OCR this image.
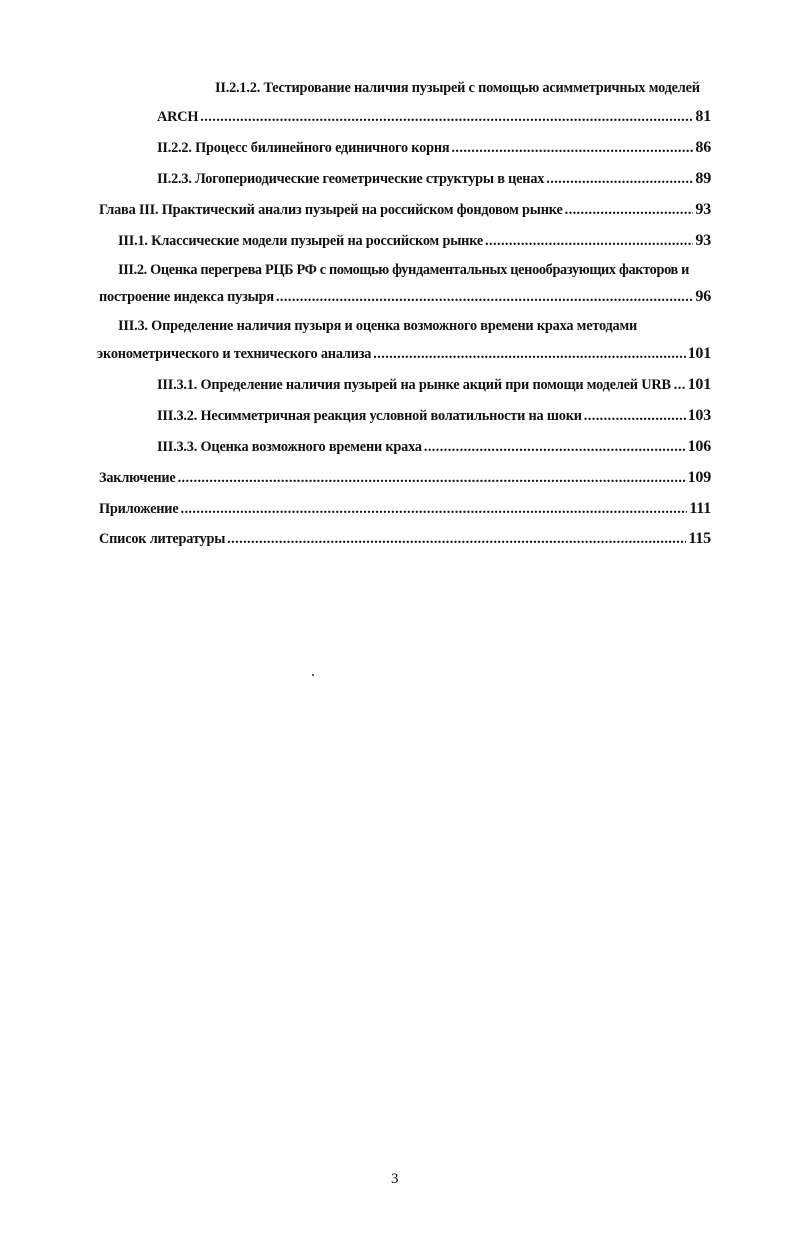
II.2.1.2. Тестирование наличия пузырей с помощью асимметричных моделей
ARCH .....	81
II.2.2. Процесс билинейного единичного корня .....	86
II.2.3. Логопериодические геометрические структуры в ценах .....	89
Глава III. Практический анализ пузырей на российском фондовом рынке .....	93
III.1. Классические модели пузырей на российском рынке .....	93
III.2. Оценка перегрева РЦБ РФ с помощью фундаментальных ценообразующих факторов и
построение индекса пузыря .....	96
III.3. Определение наличия пузыря и оценка возможного времени краха методами
эконометрического и технического анализа .....	101
III.3.1. Определение наличия пузырей на рынке акций при помощи моделей URB ..... 101
III.3.2. Несимметричная реакция условной волатильности на шоки .....	103
III.3.3. Оценка возможного времени краха .....	106
Заключение .....	109
Приложение .....	111
Список литературы .....	115
3
